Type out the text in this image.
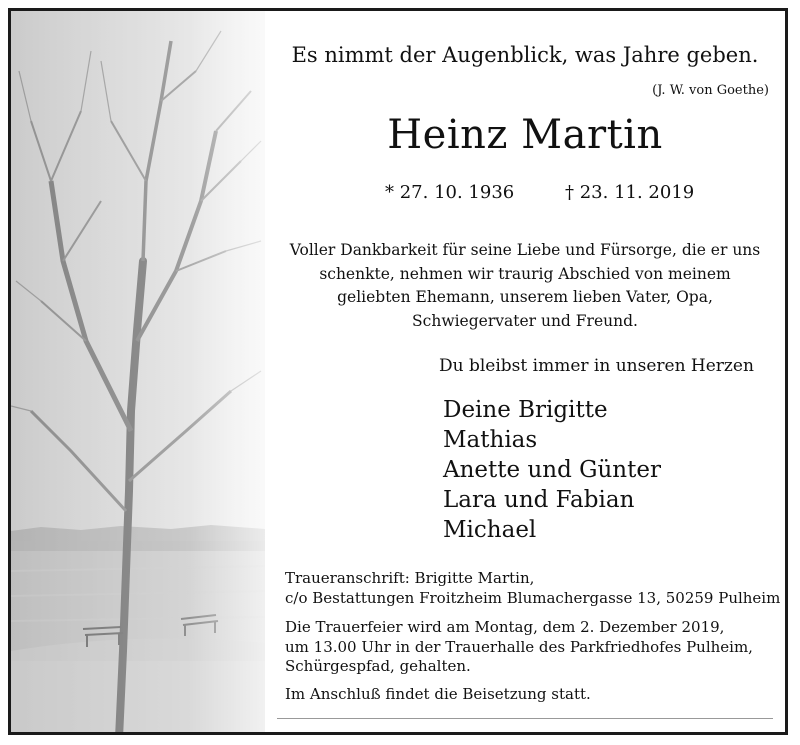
Es nimmt der Augenblick, was Jahre geben.
(J. W. von Goethe)
Heinz Martin
* 27. 10. 1936	† 23. 11. 2019
Voller Dankbarkeit für seine Liebe und Fürsorge, die er uns
schenkte, nehmen wir traurig Abschied von meinem
geliebten Ehemann, unserem lieben Vater, Opa,
Schwiegervater und Freund.
Du bleibst immer in unseren Herzen
Deine Brigitte
Mathias
Anette und Günter
Lara und Fabian
Michael

Traueranschrift: Brigitte Martin,

c/o Bestattungen Froitzheim Blumachergasse 13, 50259 Pulheim

Die Trauerfeier wird am Montag, dem 2. Dezember 2019,

um 13.00 Uhr in der Trauerhalle des Parkfriedhofes Pulheim,

Schürgespfad, gehalten.

Im Anschluß findet die Beisetzung statt.
